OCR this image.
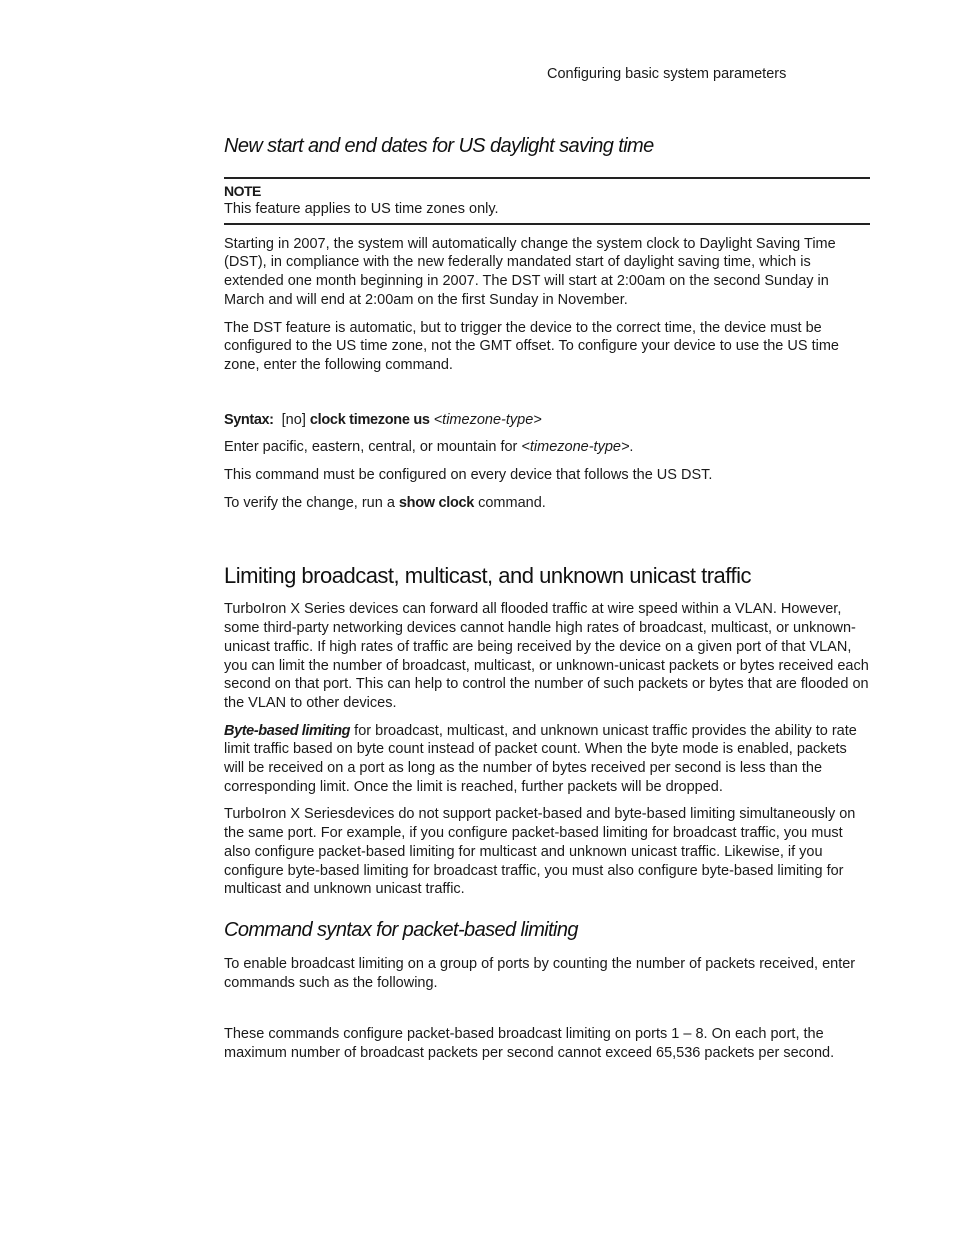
Configuring basic system parameters
New start and end dates for US daylight saving time
NOTE

This feature applies to US time zones only.

Starting in 2007, the system will automatically change the system clock to Daylight Saving Time (DST), in compliance with the new federally mandated start of daylight saving time, which is extended one month beginning in 2007. The DST will start at 2:00am on the second Sunday in March and will end at 2:00am on the first Sunday in November.

The DST feature is automatic, but to trigger the device to the correct time, the device must be configured to the US time zone, not the GMT offset. To configure your device to use the US time zone, enter the following command.

Syntax: [no] clock timezone us <timezone-type>

Enter pacific, eastern, central, or mountain for <timezone-type>.

This command must be configured on every device that follows the US DST.

To verify the change, run a show clock command.

Limiting broadcast, multicast, and unknown unicast traffic

TurboIron X Series devices can forward all flooded traffic at wire speed within a VLAN. However, some third-party networking devices cannot handle high rates of broadcast, multicast, or unknown-unicast traffic. If high rates of traffic are being received by the device on a given port of that VLAN, you can limit the number of broadcast, multicast, or unknown-unicast packets or bytes received each second on that port. This can help to control the number of such packets or bytes that are flooded on the VLAN to other devices.

Byte-based limiting for broadcast, multicast, and unknown unicast traffic provides the ability to rate limit traffic based on byte count instead of packet count. When the byte mode is enabled, packets will be received on a port as long as the number of bytes received per second is less than the corresponding limit. Once the limit is reached, further packets will be dropped.

TurboIron X Seriesdevices do not support packet-based and byte-based limiting simultaneously on the same port. For example, if you configure packet-based limiting for broadcast traffic, you must also configure packet-based limiting for multicast and unknown unicast traffic. Likewise, if you configure byte-based limiting for broadcast traffic, you must also configure byte-based limiting for multicast and unknown unicast traffic.

Command syntax for packet-based limiting

To enable broadcast limiting on a group of ports by counting the number of packets received, enter commands such as the following.

These commands configure packet-based broadcast limiting on ports 1 – 8. On each port, the maximum number of broadcast packets per second cannot exceed 65,536 packets per second.
